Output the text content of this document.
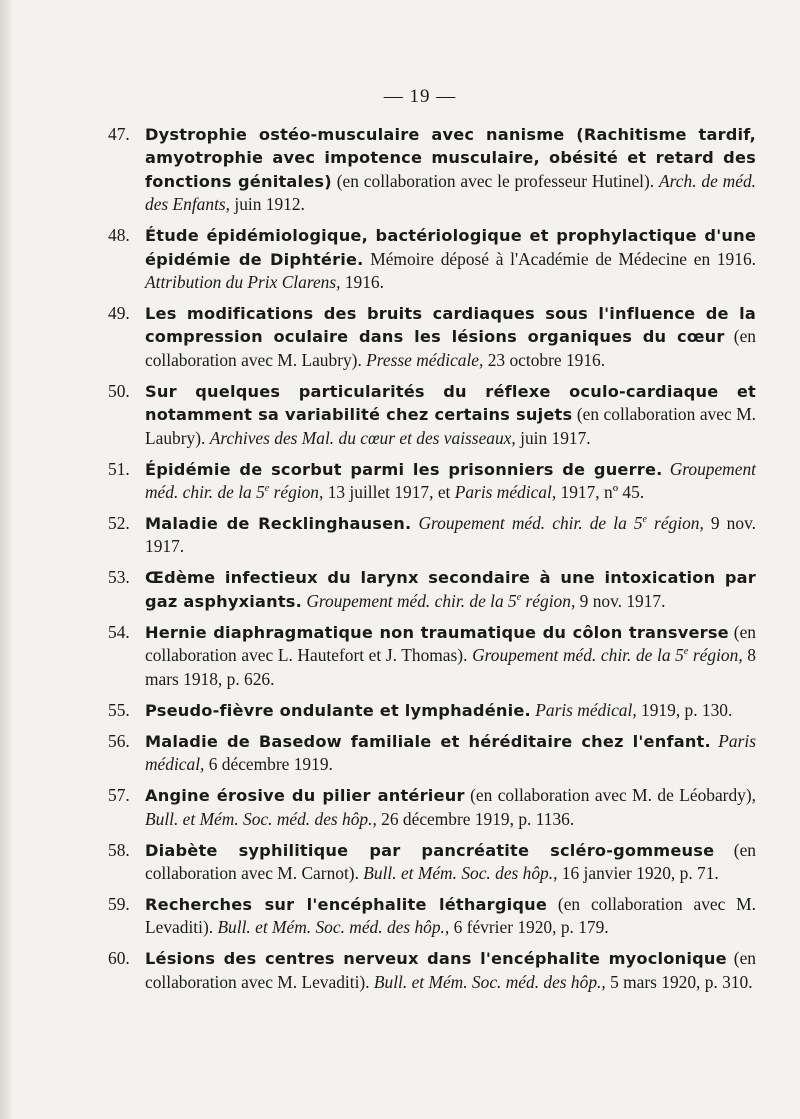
— 19 —
47. Dystrophie ostéo-musculaire avec nanisme (Rachitisme tardif, amyotrophie avec impotence musculaire, obésité et retard des fonctions génitales) (en collaboration avec le professeur Hutinel). Arch. de méd. des Enfants, juin 1912.
48. Étude épidémiologique, bactériologique et prophylactique d'une épidémie de Diphtérie. Mémoire déposé à l'Académie de Médecine en 1916. Attribution du Prix Clarens, 1916.
49. Les modifications des bruits cardiaques sous l'influence de la compression oculaire dans les lésions organiques du cœur (en collaboration avec M. Laubry). Presse médicale, 23 octobre 1916.
50. Sur quelques particularités du réflexe oculo-cardiaque et notamment sa variabilité chez certains sujets (en collaboration avec M. Laubry). Archives des Mal. du cœur et des vaisseaux, juin 1917.
51. Épidémie de scorbut parmi les prisonniers de guerre. Groupement méd. chir. de la 5e région, 13 juillet 1917, et Paris médical, 1917, nº 45.
52. Maladie de Recklinghausen. Groupement méd. chir. de la 5e région, 9 nov. 1917.
53. Œdème infectieux du larynx secondaire à une intoxication par gaz asphyxiants. Groupement méd. chir. de la 5e région, 9 nov. 1917.
54. Hernie diaphragmatique non traumatique du côlon transverse (en collaboration avec L. Hautefort et J. Thomas). Groupement méd. chir. de la 5e région, 8 mars 1918, p. 626.
55. Pseudo-fièvre ondulante et lymphadénie. Paris médical, 1919, p. 130.
56. Maladie de Basedow familiale et héréditaire chez l'enfant. Paris médical, 6 décembre 1919.
57. Angine érosive du pilier antérieur (en collaboration avec M. de Léobardy), Bull. et Mém. Soc. méd. des hôp., 26 décembre 1919, p. 1136.
58. Diabète syphilitique par pancréatite scléro-gommeuse (en collaboration avec M. Carnot). Bull. et Mém. Soc. des hôp., 16 janvier 1920, p. 71.
59. Recherches sur l'encéphalite léthargique (en collaboration avec M. Levaditi). Bull. et Mém. Soc. méd. des hôp., 6 février 1920, p. 179.
60. Lésions des centres nerveux dans l'encéphalite myoclonique (en collaboration avec M. Levaditi). Bull. et Mém. Soc. méd. des hôp., 5 mars 1920, p. 310.
